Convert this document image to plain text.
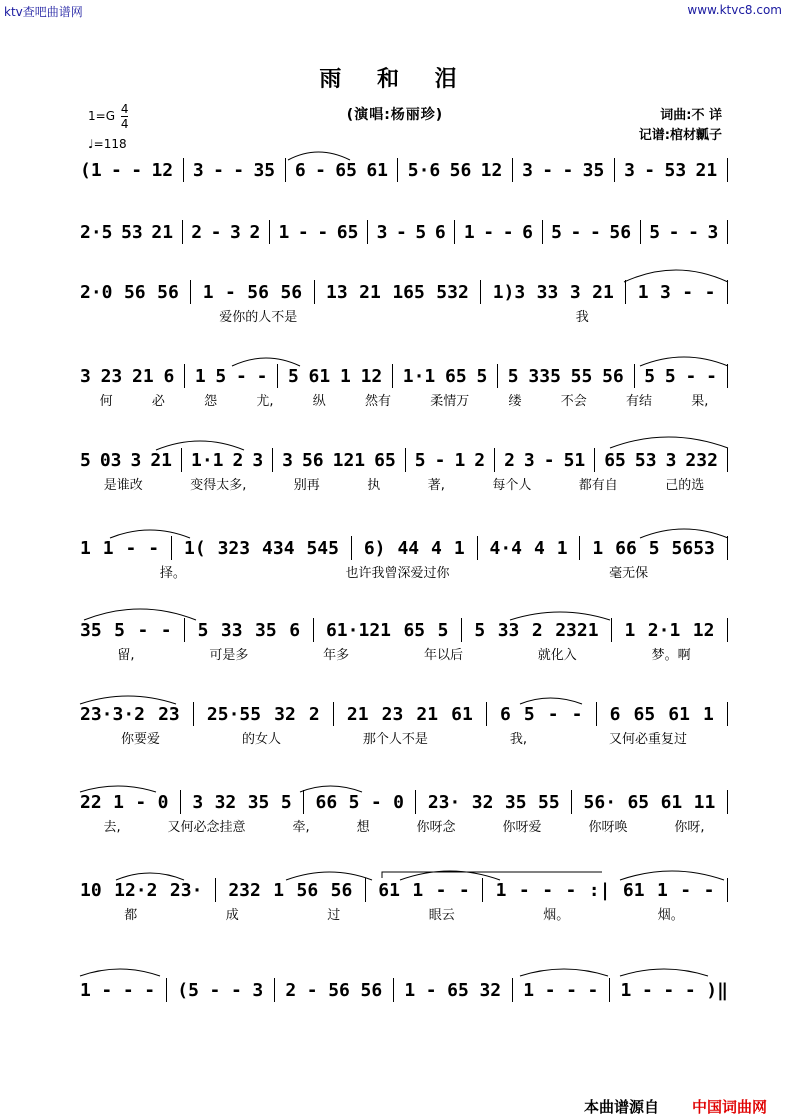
ktv查吧曲谱网	www.ktvc8.com
雨 和 泪
(演唱:杨丽珍)
$1=G \frac{4}{4}$
♩=118
词曲:不 详
记谱:棺材瓤子
(1 - - 12 3 - - 35 6 - 65 61 5·6 56 12 3 - - 35 3 - 53 21
2·5 53 21 2 - 3 2 1 - - 65 3 - 5 6 1 - - 6 5 - - 56 5 - - 3
2·0 56 56 1 - 56 56 13 21 165 532 1)3 33 3 21 1 3 - -
爱你的人不是	我
3 23 21 6 1 5 - - 5 61 1 12 1·1 65 5 5 335 55 56 5 5 - -
何	必	怨	尤,	纵	然有	柔情万	缕	不会	有结	果,
5 03 3 21 1·1 2 3 3 56 121 65 5 - 1 2 2 3 - 51 65 53 3 232
是谁改	变得太多,	别再	执	著,	每个人	都有自	己的选
1 1 - - 1( 323 434 545 6) 44 4 1 4·4 4 1 1 66 5 5653
择。	也许我曾深爱过你	毫无保
35 5 - - 5 33 35 6 61·121 65 5 5 33 2 2321 1 2·1 12
留,	可是多	年多	年以后	就化入	梦。啊
23·3·2 23 25·55 32 2 21 23 21 61 6 5 - - 6 65 61 1
你要爱	的女人	那个人不是	我,	又何必重复过
22 1 - 0 3 32 35 5 66 5 - 0 23· 32 35 55 56· 65 61 11
去,	又何必念挂意	牵,	想	你呀念	你呀爱	你呀唤	你呀,
10 12·2 23· 232 1 56 56 61 1 - - 1 - - - :| 61 1 - -
都	成	过	眼云	烟。	烟。
1 - - - (5 - - 3 2 - 56 56 1 - 65 32 1 - - - 1 - - - )‖
本曲谱源自 中国词曲网
